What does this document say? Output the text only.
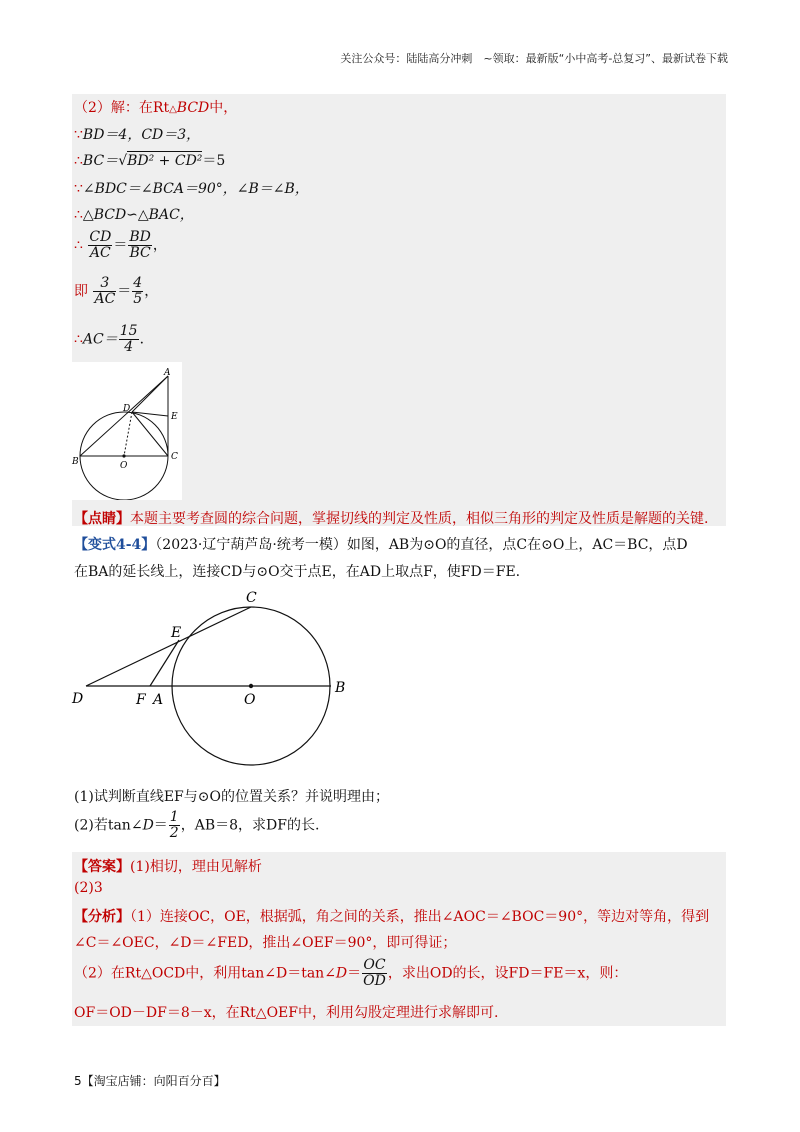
关注公众号：陆陆高分冲刺　~领取：最新版“小中高考-总复习”、最新试卷下载
（2）解：在Rt△BCD中，
∵BD＝4，CD＝3，
∴BC＝√BD² + CD²＝5
∵∠BDC＝∠BCA＝90°，∠B＝∠B，
∴△BCD∽△BAC，
∴ $\frac{CD}{AC} = \frac{BD}{BC}$ ，
即 $\frac{3}{AC} = \frac{4}{5}$ ，
∴AC＝ $\frac{15}{4}$ ．
A
D
E
B	O
C
【点睛】本题主要考查圆的综合问题，掌握切线的判定及性质，相似三角形的判定及性质是解题的关键.
【变式4-4】（2023·辽宁葫芦岛·统考一模）如图，AB为⊙O的直径，点C在⊙O上，AC＝BC，点D
在BA的延长线上，连接CD与⊙O交于点E，在AD上取点F，使FD＝FE.
C
E
D	F A	O
B
(1)试判断直线EF与⊙O的位置关系？并说明理由；
(2)若tan∠D＝ $\frac{1}{2}$ ，AB＝8，求DF的长.
【答案】(1)相切，理由见解析
(2)3
【分析】（1）连接OC，OE，根据弧，角之间的关系，推出∠AOC＝∠BOC＝90°，等边对等角，得到
∠C＝∠OEC，∠D＝∠FED，推出∠OEF＝90°，即可得证；
（2）在Rt△OCD中，利用tan∠D＝tan∠D＝ $\frac{OC}{OD}$ ，求出OD的长，设FD＝FE＝x，则：
OF＝OD－DF＝8－x，在Rt△OEF中，利用勾股定理进行求解即可.
5【淘宝店铺：向阳百分百】
